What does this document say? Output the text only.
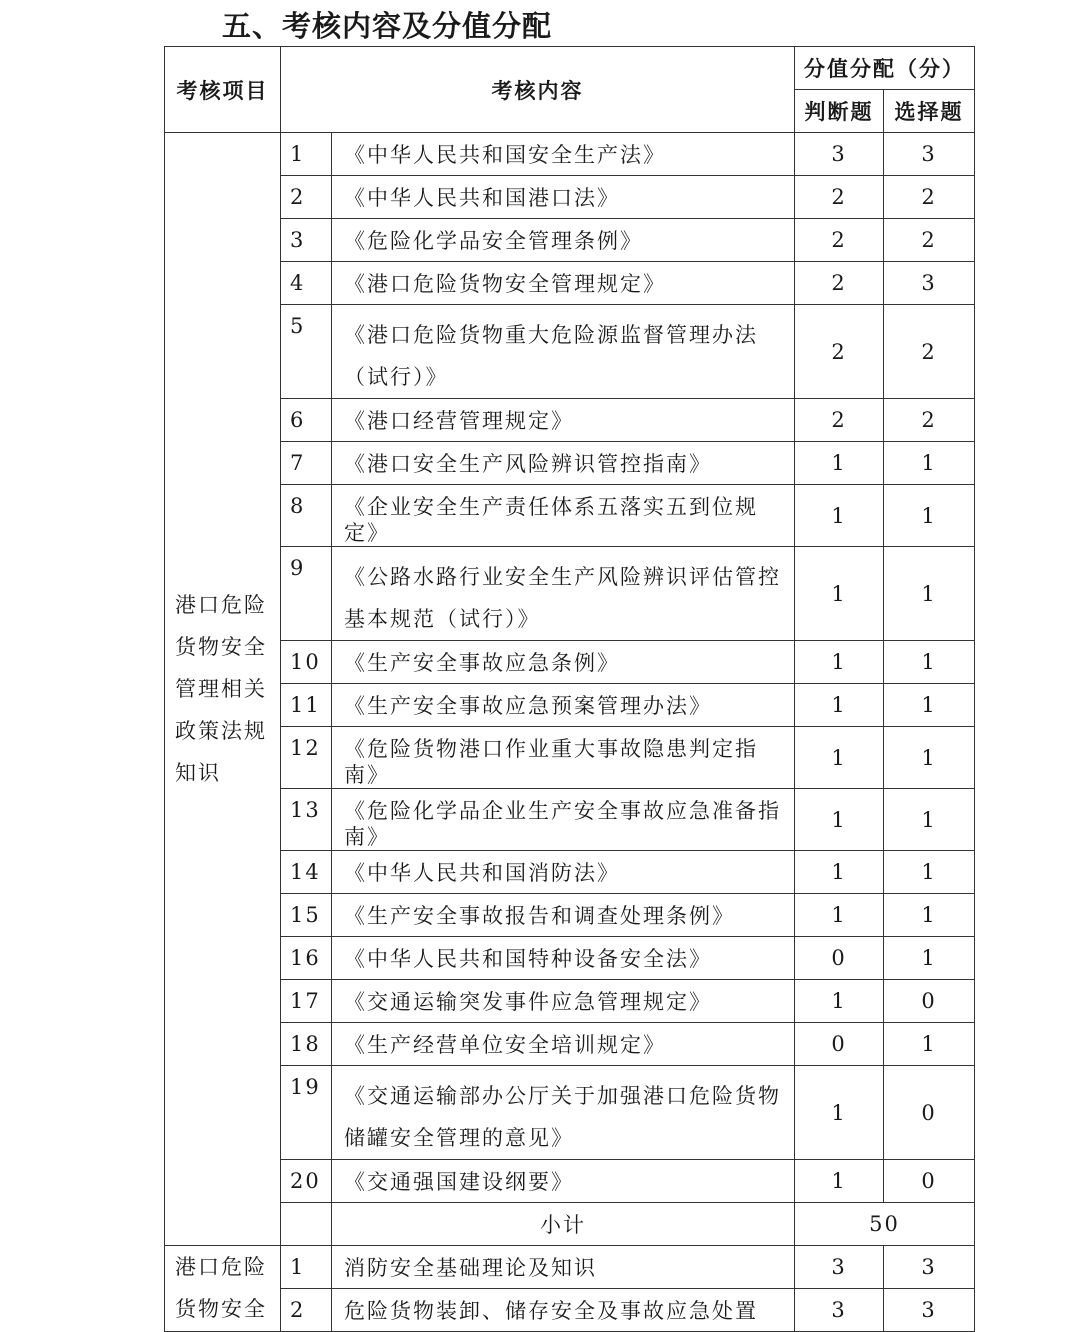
五、考核内容及分值分配
考核项目	考核内容		分值分配（分）	
			判断题	选择题
港口危险货物安全管理相关政策法规知识	1	《中华人民共和国安全生产法》	3	3
	2	《中华人民共和国港口法》	2	2
	3	《危险化学品安全管理条例》	2	2
	4	《港口危险货物安全管理规定》	2	3
	5	《港口危险货物重大危险源监督管理办法（试行）》	2	2
	6	《港口经营管理规定》	2	2
	7	《港口安全生产风险辨识管控指南》	1	1
	8	《企业安全生产责任体系五落实五到位规定》	1	1
	9	《公路水路行业安全生产风险辨识评估管控基本规范（试行）》	1	1
	10	《生产安全事故应急条例》	1	1
	11	《生产安全事故应急预案管理办法》	1	1
	12	《危险货物港口作业重大事故隐患判定指南》	1	1
	13	《危险化学品企业生产安全事故应急准备指南》	1	1
	14	《中华人民共和国消防法》	1	1
	15	《生产安全事故报告和调查处理条例》	1	1
	16	《中华人民共和国特种设备安全法》	0	1
	17	《交通运输突发事件应急管理规定》	1	0
	18	《生产经营单位安全培训规定》	0	1
	19	《交通运输部办公厅关于加强港口危险货物储罐安全管理的意见》	1	0
	20	《交通强国建设纲要》	1	0
		小计	50	
港口危险货物安全	1	消防安全基础理论及知识	3	3
	2	危险货物装卸、储存安全及事故应急处置	3	3
